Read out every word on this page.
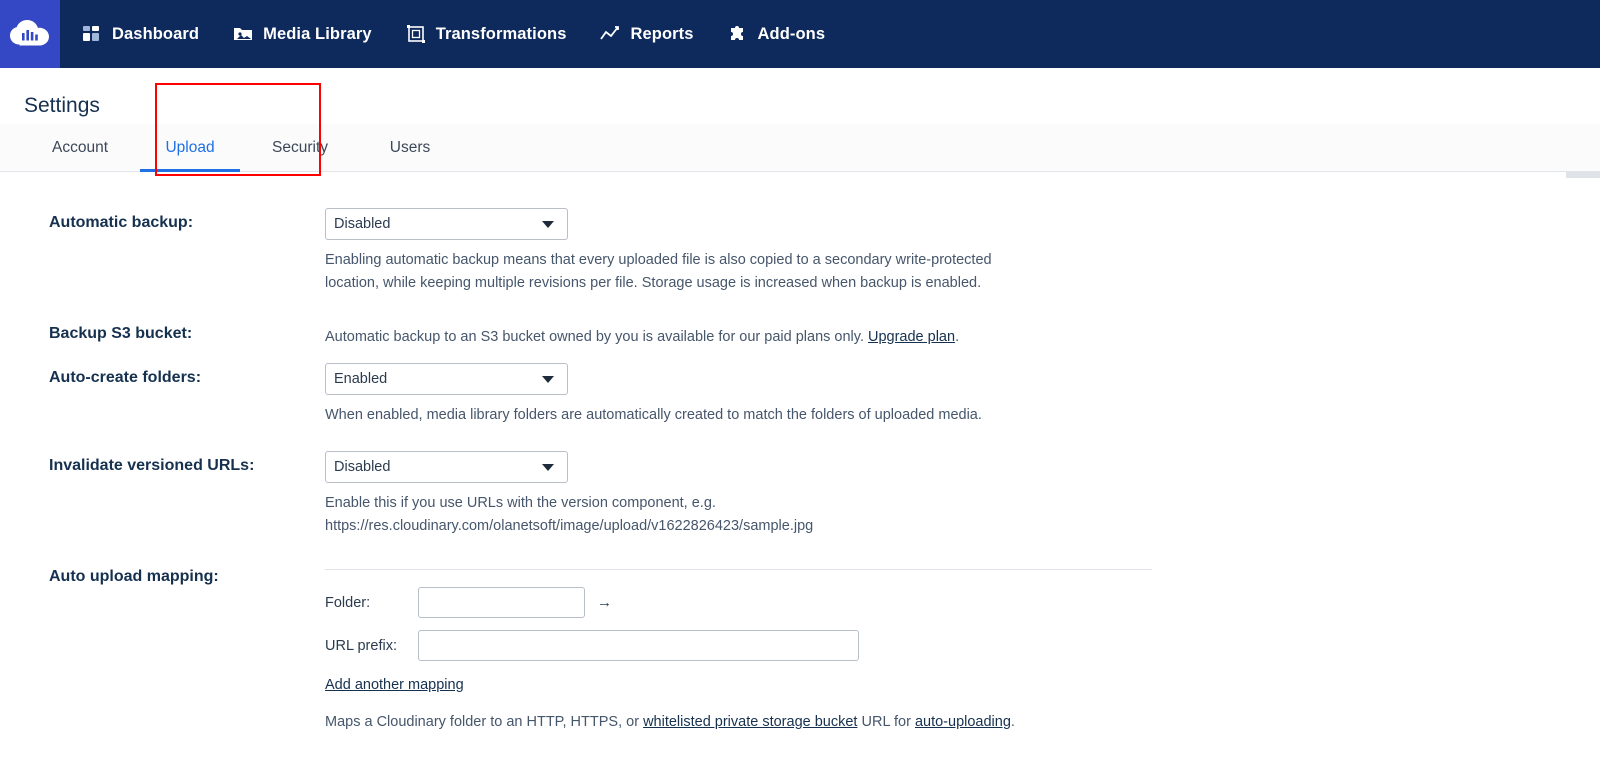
Dashboard	Media Library	Transformations	Reports	Add-ons
Settings
Account	Upload	Security	Users
Automatic backup:	Disabled
Enabling automatic backup means that every uploaded file is also copied to a secondary write-protected
location, while keeping multiple revisions per file. Storage usage is increased when backup is enabled.
Backup S3 bucket:	Automatic backup to an S3 bucket owned by you is available for our paid plans only. Upgrade plan.
Auto-create folders:	Enabled
When enabled, media library folders are automatically created to match the folders of uploaded media.
Invalidate versioned URLs:	Disabled
Enable this if you use URLs with the version component, e.g.
https://res.cloudinary.com/olanetsoft/image/upload/v1622826423/sample.jpg
Auto upload mapping:
Folder:	→
URL prefix:
Add another mapping
Maps a Cloudinary folder to an HTTP, HTTPS, or whitelisted private storage bucket URL for auto-uploading.
